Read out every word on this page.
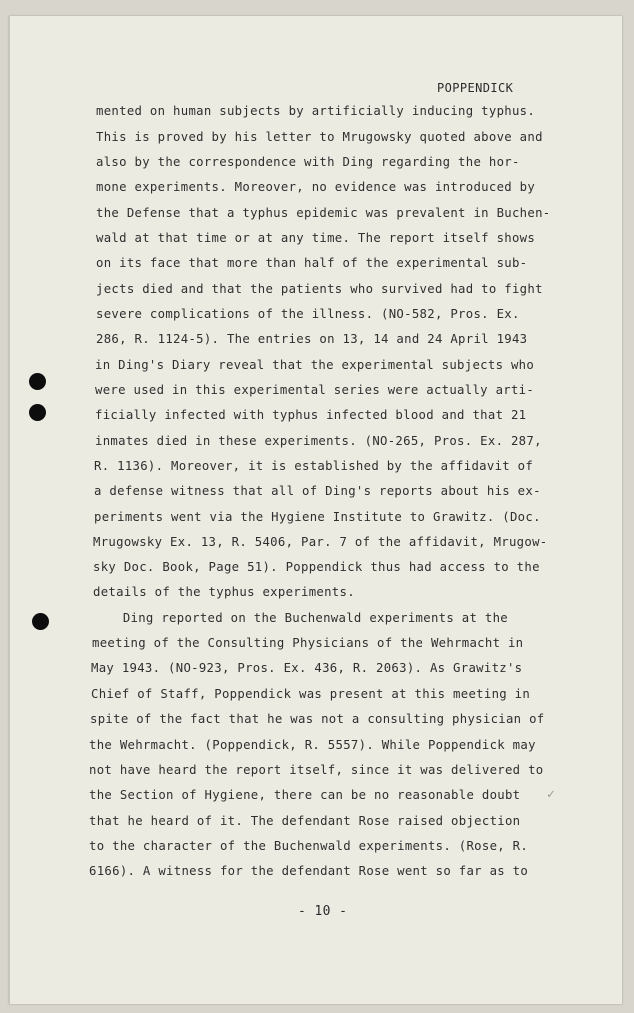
POPPENDICK
mented on human subjects by artificially inducing typhus.
This is proved by his letter to Mrugowsky quoted above and
also by the correspondence with Ding regarding the hor-
mone experiments. Moreover, no evidence was introduced by
the Defense that a typhus epidemic was prevalent in Buchen-
wald at that time or at any time. The report itself shows
on its face that more than half of the experimental sub-
jects died and that the patients who survived had to fight
severe complications of the illness. (NO-582, Pros. Ex.
286, R. 1124-5). The entries on 13, 14 and 24 April 1943
in Ding's Diary reveal that the experimental subjects who
were used in this experimental series were actually arti-
ficially infected with typhus infected blood and that 21
inmates died in these experiments. (NO-265, Pros. Ex. 287,
R. 1136). Moreover, it is established by the affidavit of
a defense witness that all of Ding's reports about his ex-
periments went via the Hygiene Institute to Grawitz. (Doc.
Mrugowsky Ex. 13, R. 5406, Par. 7 of the affidavit, Mrugow-
sky Doc. Book, Page 51). Poppendick thus had access to the
details of the typhus experiments.
Ding reported on the Buchenwald experiments at the
meeting of the Consulting Physicians of the Wehrmacht in
May 1943. (NO-923, Pros. Ex. 436, R. 2063). As Grawitz's
Chief of Staff, Poppendick was present at this meeting in
spite of the fact that he was not a consulting physician of
the Wehrmacht. (Poppendick, R. 5557). While Poppendick may
not have heard the report itself, since it was delivered to
the Section of Hygiene, there can be no reasonable doubt
that he heard of it. The defendant Rose raised objection
to the character of the Buchenwald experiments. (Rose, R.
6166). A witness for the defendant Rose went so far as to
- 10 -
✓
